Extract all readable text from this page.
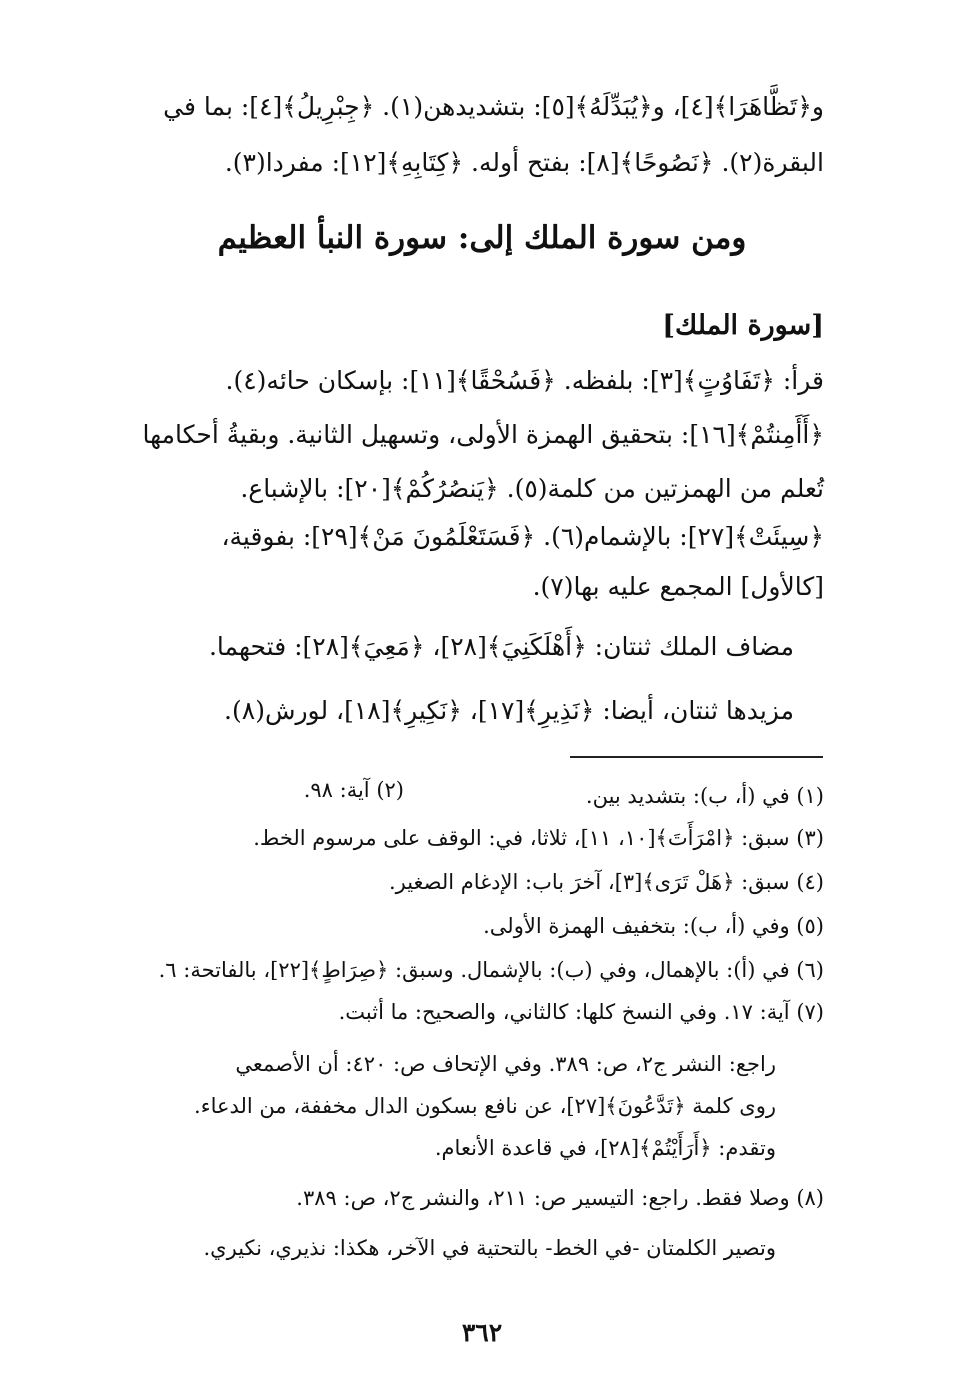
و﴿تَظَّاهَرَا﴾[٤]، و﴿يُبَدِّلَهُ﴾[٥]: بتشديدهن(١). ﴿جِبْرِيلُ﴾[٤]: بما في
البقرة(٢). ﴿نَصُوحًا﴾[٨]: بفتح أوله. ﴿كِتَابِهِ﴾[١٢]: مفردا(٣).
ومن سورة الملك إلى: سورة النبأ العظيم
[سورة الملك]
قرأ: ﴿تَفَاوُتٍ﴾[٣]: بلفظه. ﴿فَسُحْقًا﴾[١١]: بإسكان حائه(٤).
﴿أَأَمِنتُمْ﴾[١٦]: بتحقيق الهمزة الأولى، وتسهيل الثانية. وبقيةُ أحكامها
تُعلم من الهمزتين من كلمة(٥). ﴿يَنصُرُكُمْ﴾[٢٠]: بالإشباع.
﴿سِيئَتْ﴾[٢٧]: بالإشمام(٦). ﴿فَسَتَعْلَمُونَ مَنْ﴾[٢٩]: بفوقية،
[كالأول] المجمع عليه بها(٧).
مضاف الملك ثنتان: ﴿أَهْلَكَنِيَ﴾[٢٨]، ﴿مَعِيَ﴾[٢٨]: فتحهما.
مزيدها ثنتان، أيضا: ﴿نَذِيرِ﴾[١٧]، ﴿نَكِيرِ﴾[١٨]، لورش(٨).
(١) في (أ، ب): بتشديد بين.
(٢) آية: ٩٨.
(٣) سبق: ﴿امْرَأَتَ﴾[١٠، ١١]، ثلاثا، في: الوقف على مرسوم الخط.
(٤) سبق: ﴿هَلْ تَرَى﴾[٣]، آخرَ باب: الإدغام الصغير.
(٥) وفي (أ، ب): بتخفيف الهمزة الأولى.
(٦) في (أ): بالإهمال، وفي (ب): بالإشمال. وسبق: ﴿صِرَاطٍ﴾[٢٢]، بالفاتحة: ٦.
(٧) آية: ١٧. وفي النسخ كلها: كالثاني، والصحيح: ما أثبت.
راجع: النشر ج٢، ص: ٣٨٩. وفي الإتحاف ص: ٤٢٠: أن الأصمعي
روى كلمة ﴿تَدَّعُونَ﴾[٢٧]، عن نافع بسكون الدال مخففة، من الدعاء.
وتقدم: ﴿أَرَأَيْتُمْ﴾[٢٨]، في قاعدة الأنعام.
(٨) وصلا فقط. راجع: التيسير ص: ٢١١، والنشر ج٢، ص: ٣٨٩.
وتصير الكلمتان -في الخط- بالتحتية في الآخر، هكذا: نذيري، نكيري.
٣٦٢
